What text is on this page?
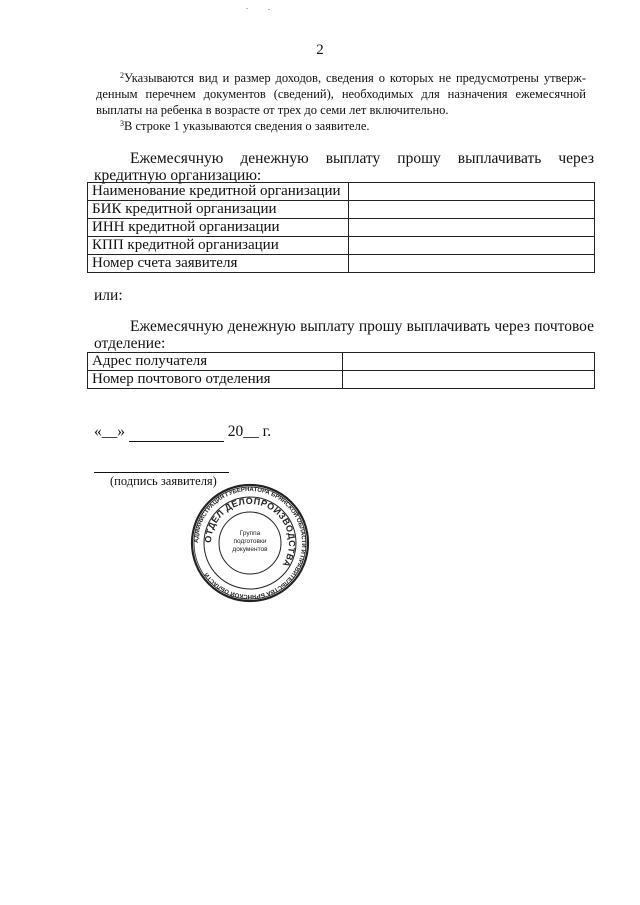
2

$^2$Указываются вид и размер доходов, сведения о которых не предусмотрены утверж-денным перечнем документов (сведений), необходимых для назначения ежемесячной выплаты на ребенка в возрасте от трех до семи лет включительно.

$^3$В строке 1 указываются сведения о заявителе.

Ежемесячную денежную выплату прошу выплачивать через кредитную организацию:
Наименование кредитной организации	
БИК кредитной организации	
ИНН кредитной организации	
КПП кредитной организации	
Номер счета заявителя	
или:
Ежемесячную денежную выплату прошу выплачивать через почтовое отделение:
Адрес получателя	
Номер почтового отделения	
«__»	20__ г.
(подпись заявителя)
АДМИНИСТРАЦИЯ ГУБЕРНАТОРА БРЯНСКОЙ ОБЛАСТИ И ПРАВИТЕЛЬСТВА БРЯНСКОЙ ОБЛАСТИ
ОТДЕЛ ДЕЛОПРОИЗВОДСТВА
Группа
подготовки
документов
